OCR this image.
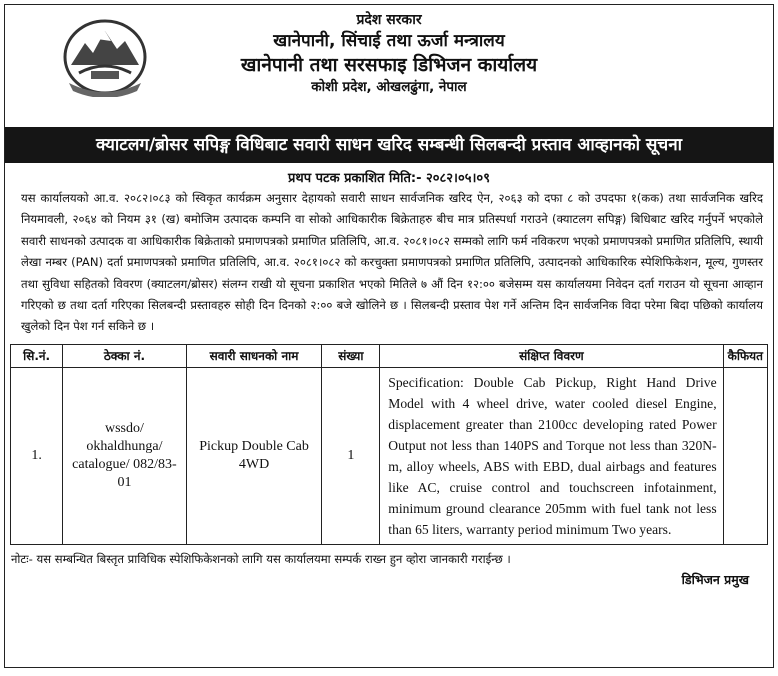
प्रदेश सरकार
खानेपानी, सिंचाई तथा ऊर्जा मन्त्रालय
खानेपानी तथा सरसफाइ डिभिजन कार्यालय
कोशी प्रदेश, ओखलढुंगा, नेपाल
क्याटलग/ब्रोसर सपिङ्ग विधिबाट सवारी साधन खरिद सम्बन्धी सिलबन्दी प्रस्ताव आव्हानको सूचना
प्रथप पटक प्रकाशित मिति:- २०८२।०५।०९
यस कार्यालयको आ.व. २०८२।०८३ को स्विकृत कार्यक्रम अनुसार देहायको सवारी साधन सार्वजनिक खरिद ऐन, २०६३ को दफा ८ को उपदफा १(कक) तथा सार्वजनिक खरिद नियमावली, २०६४ को नियम ३१ (ख) बमोजिम उत्पादक कम्पनि वा सोको आधिकारीक बिक्रेताहरु बीच मात्र प्रतिस्पर्धा गराउने (क्याटलग सपिङ्ग) बिधिबाट खरिद गर्नुपर्ने भएकोले सवारी साधनको उत्पादक वा आधिकारीक बिक्रेताको प्रमाणपत्रको प्रमाणित प्रतिलिपि, आ.व. २०८१।०८२ सम्मको लागि फर्म नविकरण भएको प्रमाणपत्रको प्रमाणित प्रतिलिपि, स्थायी लेखा नम्बर (PAN) दर्ता प्रमाणपत्रको प्रमाणित प्रतिलिपि, आ.व. २०८१।०८२ को करचुक्ता प्रमाणपत्रको प्रमाणित प्रतिलिपि, उत्पादनको आधिकारिक स्पेशिफिकेशन, मूल्य, गुणस्तर तथा सुविधा सहितको विवरण (क्याटलग/ब्रोसर) संलग्न राखी यो सूचना प्रकाशित भएको मितिले ७ औं दिन १२:०० बजेसम्म यस कार्यालयमा निवेदन दर्ता गराउन यो सूचना आव्हान गरिएको छ तथा दर्ता गरिएका सिलबन्दी प्रस्तावहरु सोही दिन दिनको २:०० बजे खोलिने छ । सिलबन्दी प्रस्ताव पेश गर्ने अन्तिम दिन सार्वजनिक विदा परेमा बिदा पछिको कार्यालय खुलेको दिन पेश गर्न सकिने छ ।
सि.नं.	ठेक्का नं.	सवारी साधनको नाम	संख्या	संक्षिप्त विवरण	कैफियत
1.	wssdo/ okhaldhunga/ catalogue/ 082/83-01	Pickup Double Cab 4WD	1	Specification: Double Cab Pickup, Right Hand Drive Model with 4 wheel drive, water cooled diesel Engine, displacement greater than 2100cc developing rated Power Output not less than 140PS and Torque not less than 320N-m, alloy wheels, ABS with EBD, dual airbags and features like AC, cruise control and touchscreen infotainment, minimum ground clearance 205mm with fuel tank not less than 65 liters, warranty period minimum Two years.	
नोटः- यस सम्बन्धित बिस्तृत प्राविधिक स्पेशिफिकेशनको लागि यस कार्यालयमा सम्पर्क राख्न हुन व्होरा जानकारी गराईन्छ ।
डिभिजन प्रमुख
